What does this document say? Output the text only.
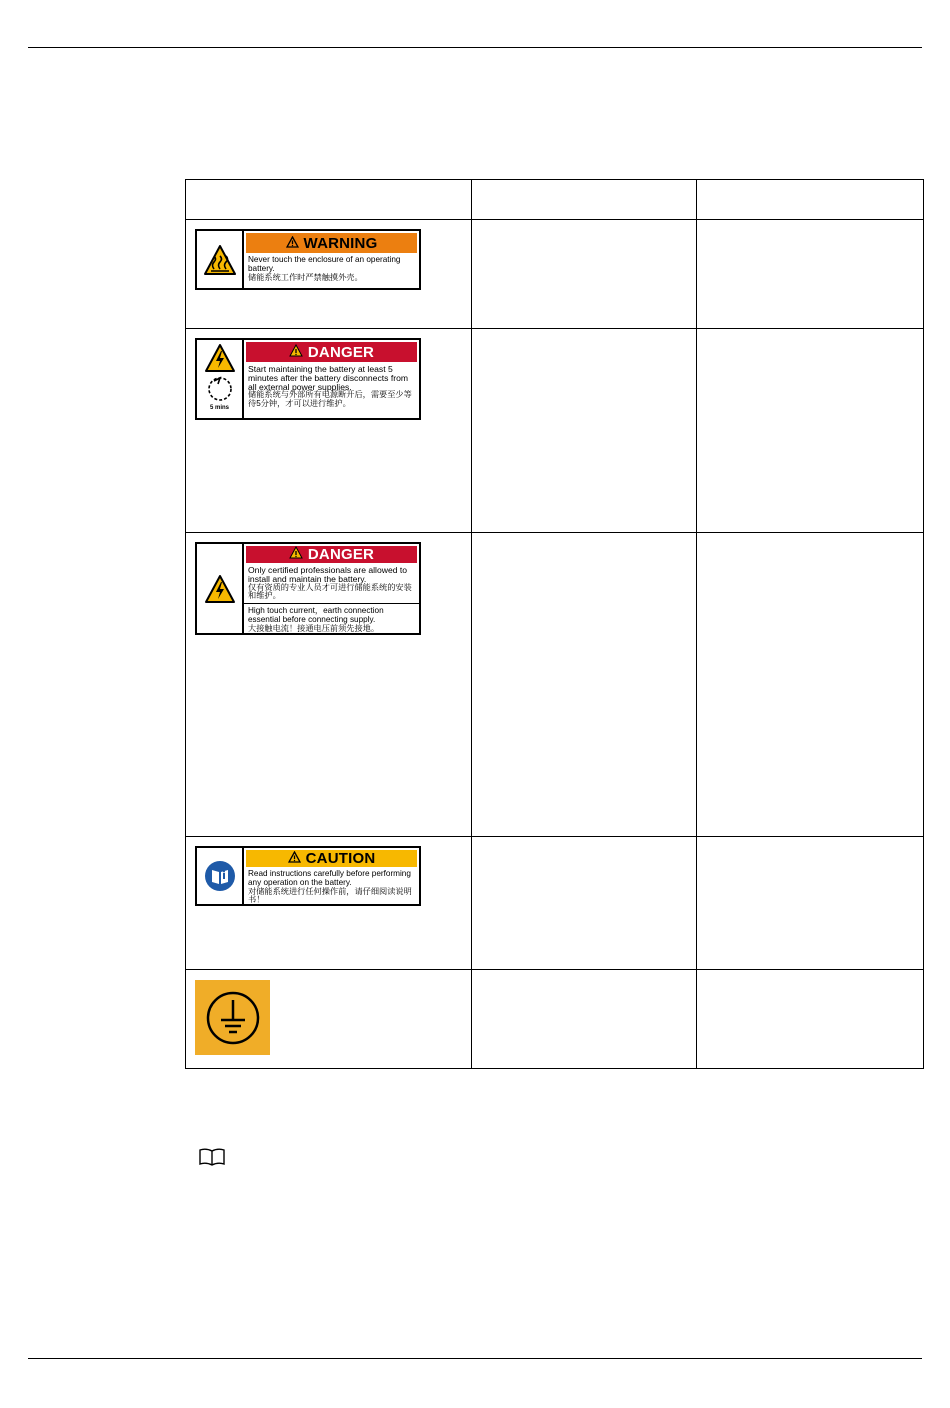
WARNING
Never touch the enclosure of an operating battery.
储能系统工作时严禁触摸外壳。		

5 mins
DANGER
Start maintaining the battery at least 5 minutes after the battery disconnects from all external power supplies.
储能系统与外部所有电源断开后，需要至少等待5分钟，才可以进行维护。		

DANGER
Only certified professionals are allowed to install and maintain the battery.
仅有资质的专业人员才可进行储能系统的安装和维护。
High touch current，earth connection essential before connecting supply.
大接触电流！接通电压前须先接地。		

CAUTION
Read instructions carefully before performing any operation on the battery.
对储能系统进行任何操作前，请仔细阅读说明书！		
